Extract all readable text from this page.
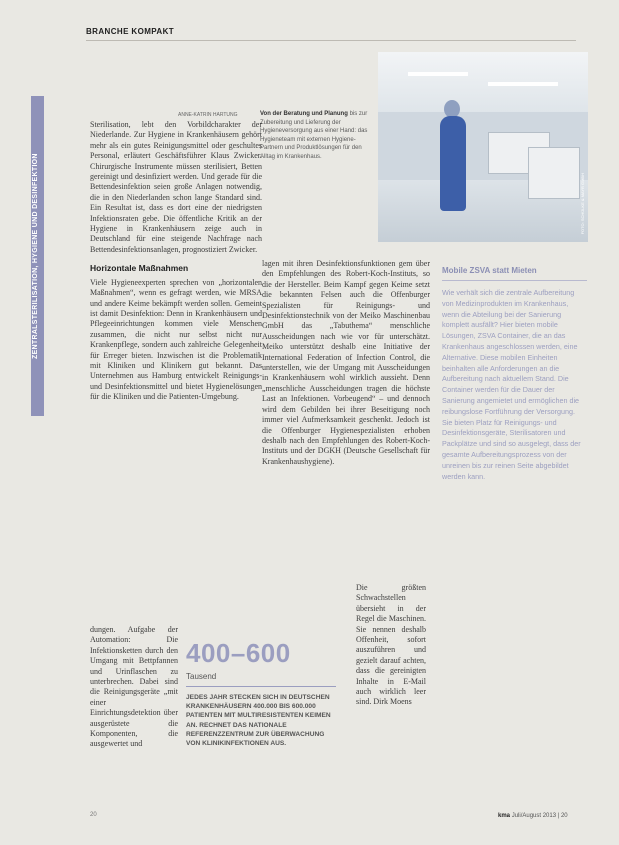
BRANCHE KOMPAKT
ZENTRALSTERILISATION, HYGIENE UND DESINFEKTION	FOTO: SCHÜLKE & MAYR GMBH
ANNE-KATRIN HARTUNG	Von der Beratung und Planung bis zur Zubereitung und Lieferung der Hygieneversorgung aus einer Hand: das Hygieneteam mit externen Hygiene-Partnern und Produktlösungen für den Alltag im Krankenhaus.

Sterilisation, lebt den Vorbildcharakter der Niederlande. Zur Hygiene in Krankenhäusern gehört mehr als ein gutes Reinigungsmittel oder geschultes Personal, erläutert Geschäftsführer Klaus Zwicker. Chirurgische Instrumente müssen sterilisiert, Betten gereinigt und desinfiziert werden. Und gerade für die Bettendesinfektion seien große Anlagen notwendig, die in den Niederlanden schon lange Standard sind. Ein Resultat ist, dass es dort eine der niedrigsten Infektionsraten gebe. Die öffentliche Kritik an der Hygiene in Krankenhäusern zeige auch in Deutschland für eine steigende Nachfrage nach Bettendesinfektionsanlagen, prognostiziert Zwicker.

Horizontale Maßnahmen

Viele Hygieneexperten sprechen von „horizontalen Maßnahmen“, wenn es gefragt werden, wie MRSA und andere Keime bekämpft werden sollen. Gemeint ist damit Desinfektion: Denn in Krankenhäusern und Pflegeeinrichtungen kommen viele Menschen zusammen, die nicht nur selbst nicht nur Krankenpflege, sondern auch zahlreiche Gelegenheit für Erreger bieten. Inzwischen ist die Problematik mit Kliniken und Klinikern gut bekannt. Das Unternehmen aus Hamburg entwickelt Reinigungs- und Desinfektionsmittel und bietet Hygienelösungen für die Kliniken und die Patienten-Umgebung.

dungen. Aufgabe der Automation: Die Infektionsketten durch den Umgang mit Bettpfannen und Urinflaschen zu unterbrechen. Dabei sind die Reinigungsgeräte „mit einer Einrichtungsdetektion über ausgerüstete die Komponenten, die ausgewertet und

lagen mit ihren Desinfektionsfunktionen gem über den Empfehlungen des Robert-Koch-Instituts, so die der Hersteller. Beim Kampf gegen Keime setzt die bekannten Felsen auch die Offenburger Spezialisten für Reinigungs- und Desinfektionstechnik von der Meiko Maschinenbau GmbH das „Tabuthema“ menschliche Ausscheidungen nach wie vor für unterschätzt. Meiko unterstützt deshalb eine Initiative der International Federation of Infection Control, die unterstellen, wie der Umgang mit Ausscheidungen in Krankenhäusern wohl wirklich aussieht. Denn „menschliche Ausscheidungen tragen die höchste Last an Infektionen. Vorbeugend“ – und dennoch wird dem Gebilden bei ihrer Beseitigung noch immer viel Aufmerksamkeit geschenkt. Jedoch ist die Offenburger Hygienespezialisten erhoben deshalb nach den Empfehlungen des Robert-Koch-Instituts und der DGKH (Deutsche Gesellschaft für Krankenhaushygiene).

Die größten Schwachstellen übersieht in der Regel die Maschinen. Sie nennen deshalb Offenheit, sofort auszuführen und gezielt darauf achten, dass die gereinigten Inhalte in E-Mail auch wirklich leer sind. Dirk Moens

400–600
Tausend
JEDES JAHR STECKEN SICH IN DEUTSCHEN KRANKENHÄUSERN 400.000 BIS 600.000 PATIENTEN MIT MULTIRESISTENTEN KEIMEN AN. RECHNET DAS NATIONALE REFERENZZENTRUM ZUR ÜBERWACHUNG VON KLINIKINFEKTIONEN AUS.
Mobile ZSVA statt Mieten
Wie verhält sich die zentrale Aufbereitung von Medizinprodukten im Krankenhaus, wenn die Abteilung bei der Sanierung komplett ausfällt? Hier bieten mobile Lösungen, ZSVA Container, die an das Krankenhaus angeschlossen werden, eine Alternative. Diese mobilen Einheiten beinhalten alle Anforderungen an die Aufbereitung nach aktuellem Stand. Die Container werden für die Dauer der Sanierung angemietet und ermöglichen die reibungslose Fortführung der Versorgung. Sie bieten Platz für Reinigungs- und Desinfektionsgeräte, Sterilisatoren und Packplätze und sind so ausgelegt, dass der gesamte Aufbereitungsprozess von der unreinen bis zur reinen Seite abgebildet werden kann.
20	kma Juli/August 2013 | 20
